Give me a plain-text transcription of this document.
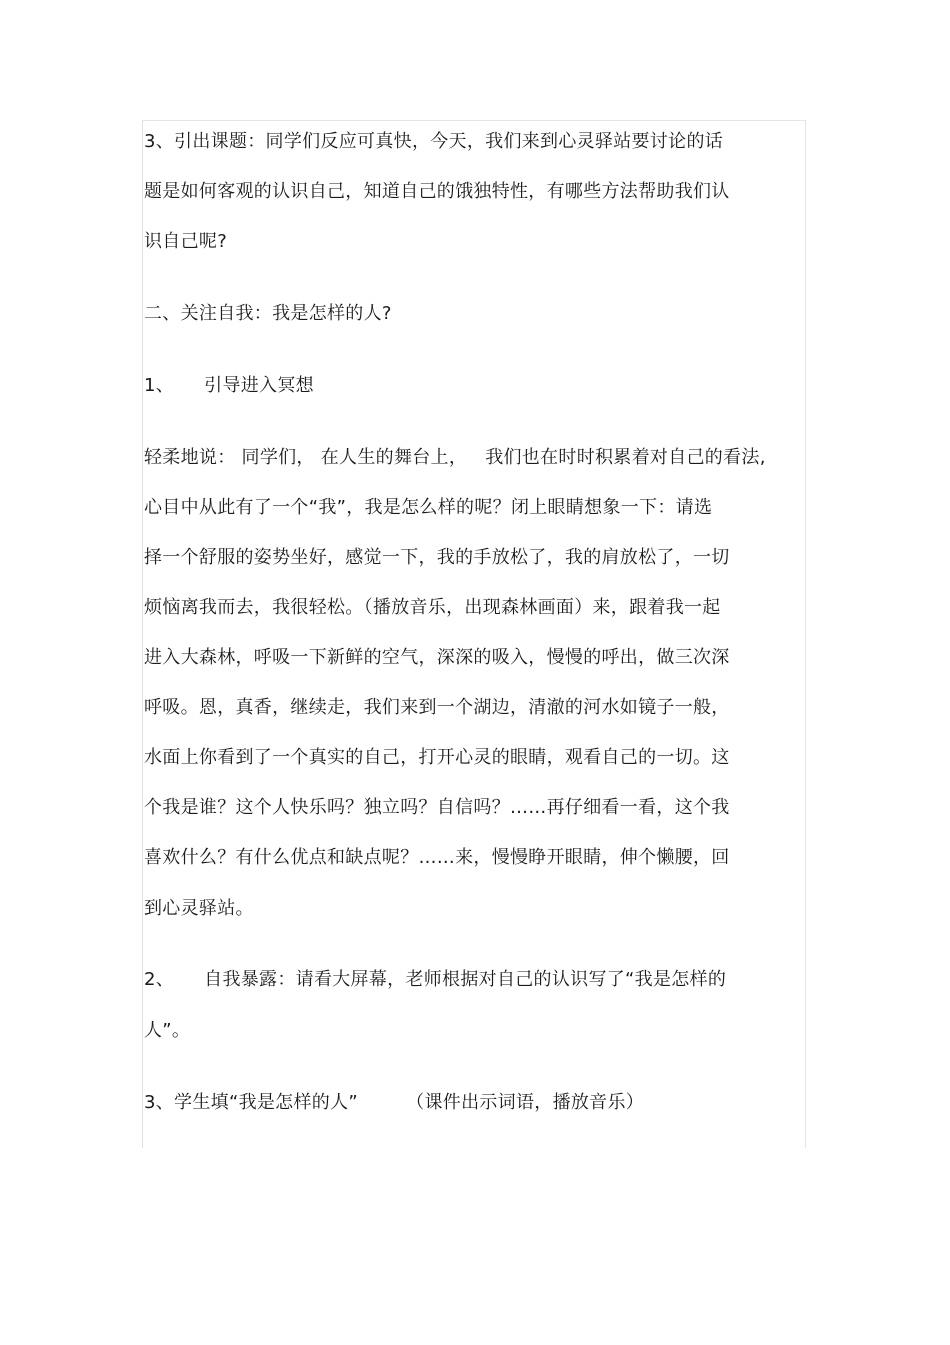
3、引出课题：同学们反应可真快，今天，我们来到心灵驿站要讨论的话
题是如何客观的认识自己，知道自己的饿独特性，有哪些方法帮助我们认
识自己呢?
二、关注自我：我是怎样的人?
1、     引导进入冥想
轻柔地说： 同学们， 在人生的舞台上，   我们也在时时积累着对自己的看法,
心目中从此有了一个“我”，我是怎么样的呢？闭上眼睛想象一下：请选
择一个舒服的姿势坐好，感觉一下，我的手放松了，我的肩放松了，一切
烦恼离我而去，我很轻松。（播放音乐，出现森林画面）来，跟着我一起
进入大森林，呼吸一下新鲜的空气，深深的吸入，慢慢的呼出，做三次深
呼吸。恩，真香，继续走，我们来到一个湖边，清澈的河水如镜子一般，
水面上你看到了一个真实的自己，打开心灵的眼睛，观看自己的一切。这
个我是谁？这个人快乐吗？独立吗？自信吗？……再仔细看一看，这个我
喜欢什么？有什么优点和缺点呢？……来，慢慢睁开眼睛，伸个懒腰，回
到心灵驿站。
2、     自我暴露：请看大屏幕，老师根据对自己的认识写了“我是怎样的
人”。
3、学生填“我是怎样的人”        （课件出示词语，播放音乐）
